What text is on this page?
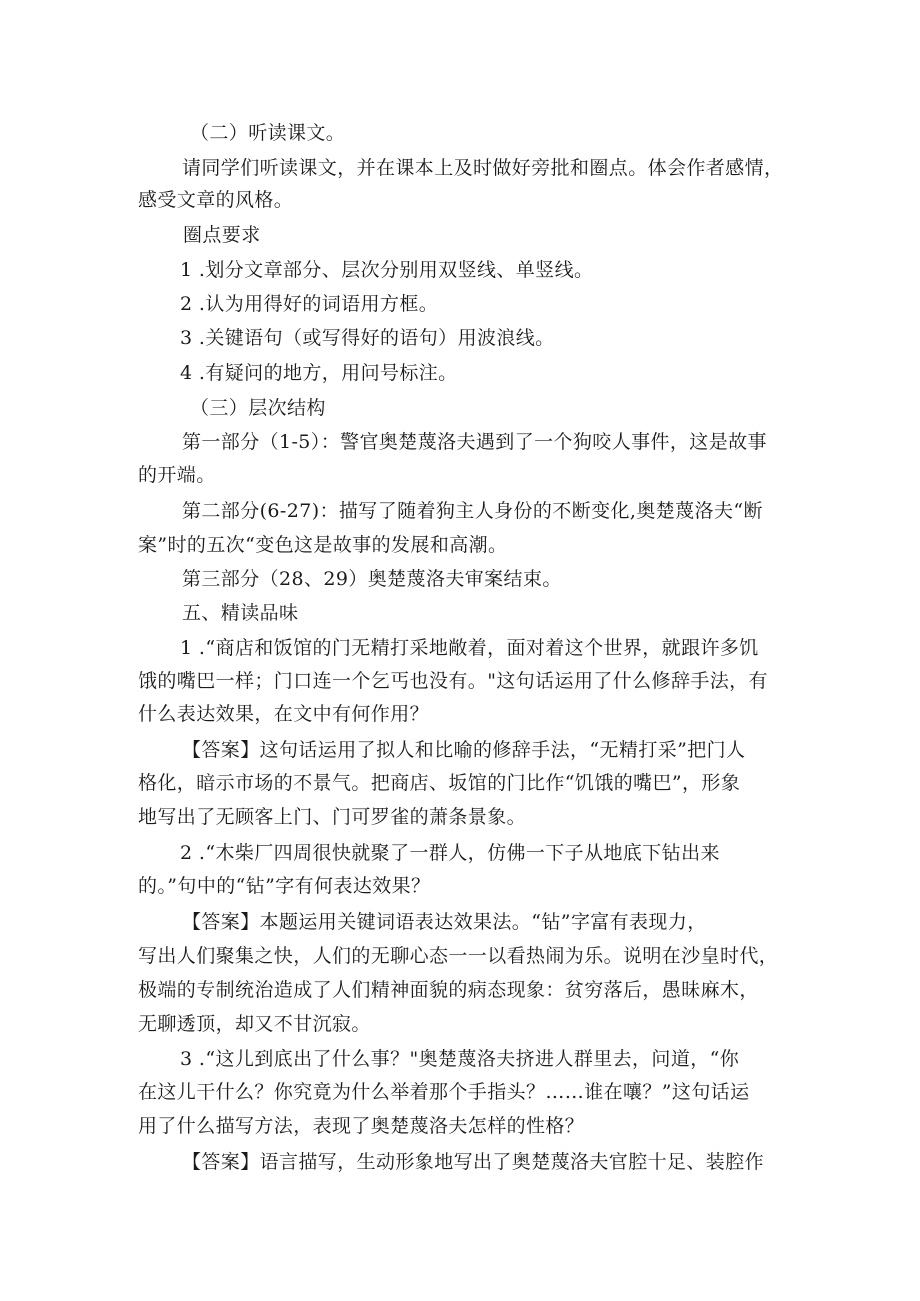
（二）听读课文。
请同学们听读课文，并在课本上及时做好旁批和圈点。体会作者感情，
感受文章的风格。
圈点要求
1 .划分文章部分、层次分别用双竖线、单竖线。
2 .认为用得好的词语用方框。
3 .关键语句（或写得好的语句）用波浪线。
4 .有疑问的地方，用问号标注。
（三）层次结构
第一部分（1-5）：警官奥楚蔑洛夫遇到了一个狗咬人事件，这是故事
的开端。
第二部分(6-27)：描写了随着狗主人身份的不断变化,奥楚蔑洛夫“断
案”时的五次“变色这是故事的发展和高潮。
第三部分（28、29）奥楚蔑洛夫审案结束。
五、精读品味
1 .“商店和饭馆的门无精打采地敞着，面对着这个世界，就跟许多饥
饿的嘴巴一样；门口连一个乞丐也没有。"这句话运用了什么修辞手法，有
什么表达效果，在文中有何作用？
【答案】这句话运用了拟人和比喻的修辞手法，“无精打采”把门人
格化，暗示市场的不景气。把商店、坂馆的门比作“饥饿的嘴巴”，形象
地写出了无顾客上门、门可罗雀的萧条景象。
2 .“木柴厂四周很快就聚了一群人，仿佛一下子从地底下钻出来
的。”句中的“钻”字有何表达效果？
【答案】本题运用关键词语表达效果法。“钻”字富有表现力，
写出人们聚集之快，人们的无聊心态一一以看热闹为乐。说明在沙皇时代，
极端的专制统治造成了人们精神面貌的病态现象：贫穷落后，愚昧麻木，
无聊透顶，却又不甘沉寂。
3 .“这儿到底出了什么事？"奥楚蔑洛夫挤进人群里去，问道，“你
在这儿干什么？你究竟为什么举着那个手指头？……谁在嚷？”这句话运
用了什么描写方法，表现了奥楚蔑洛夫怎样的性格？
【答案】语言描写，生动形象地写出了奥楚蔑洛夫官腔十足、装腔作
